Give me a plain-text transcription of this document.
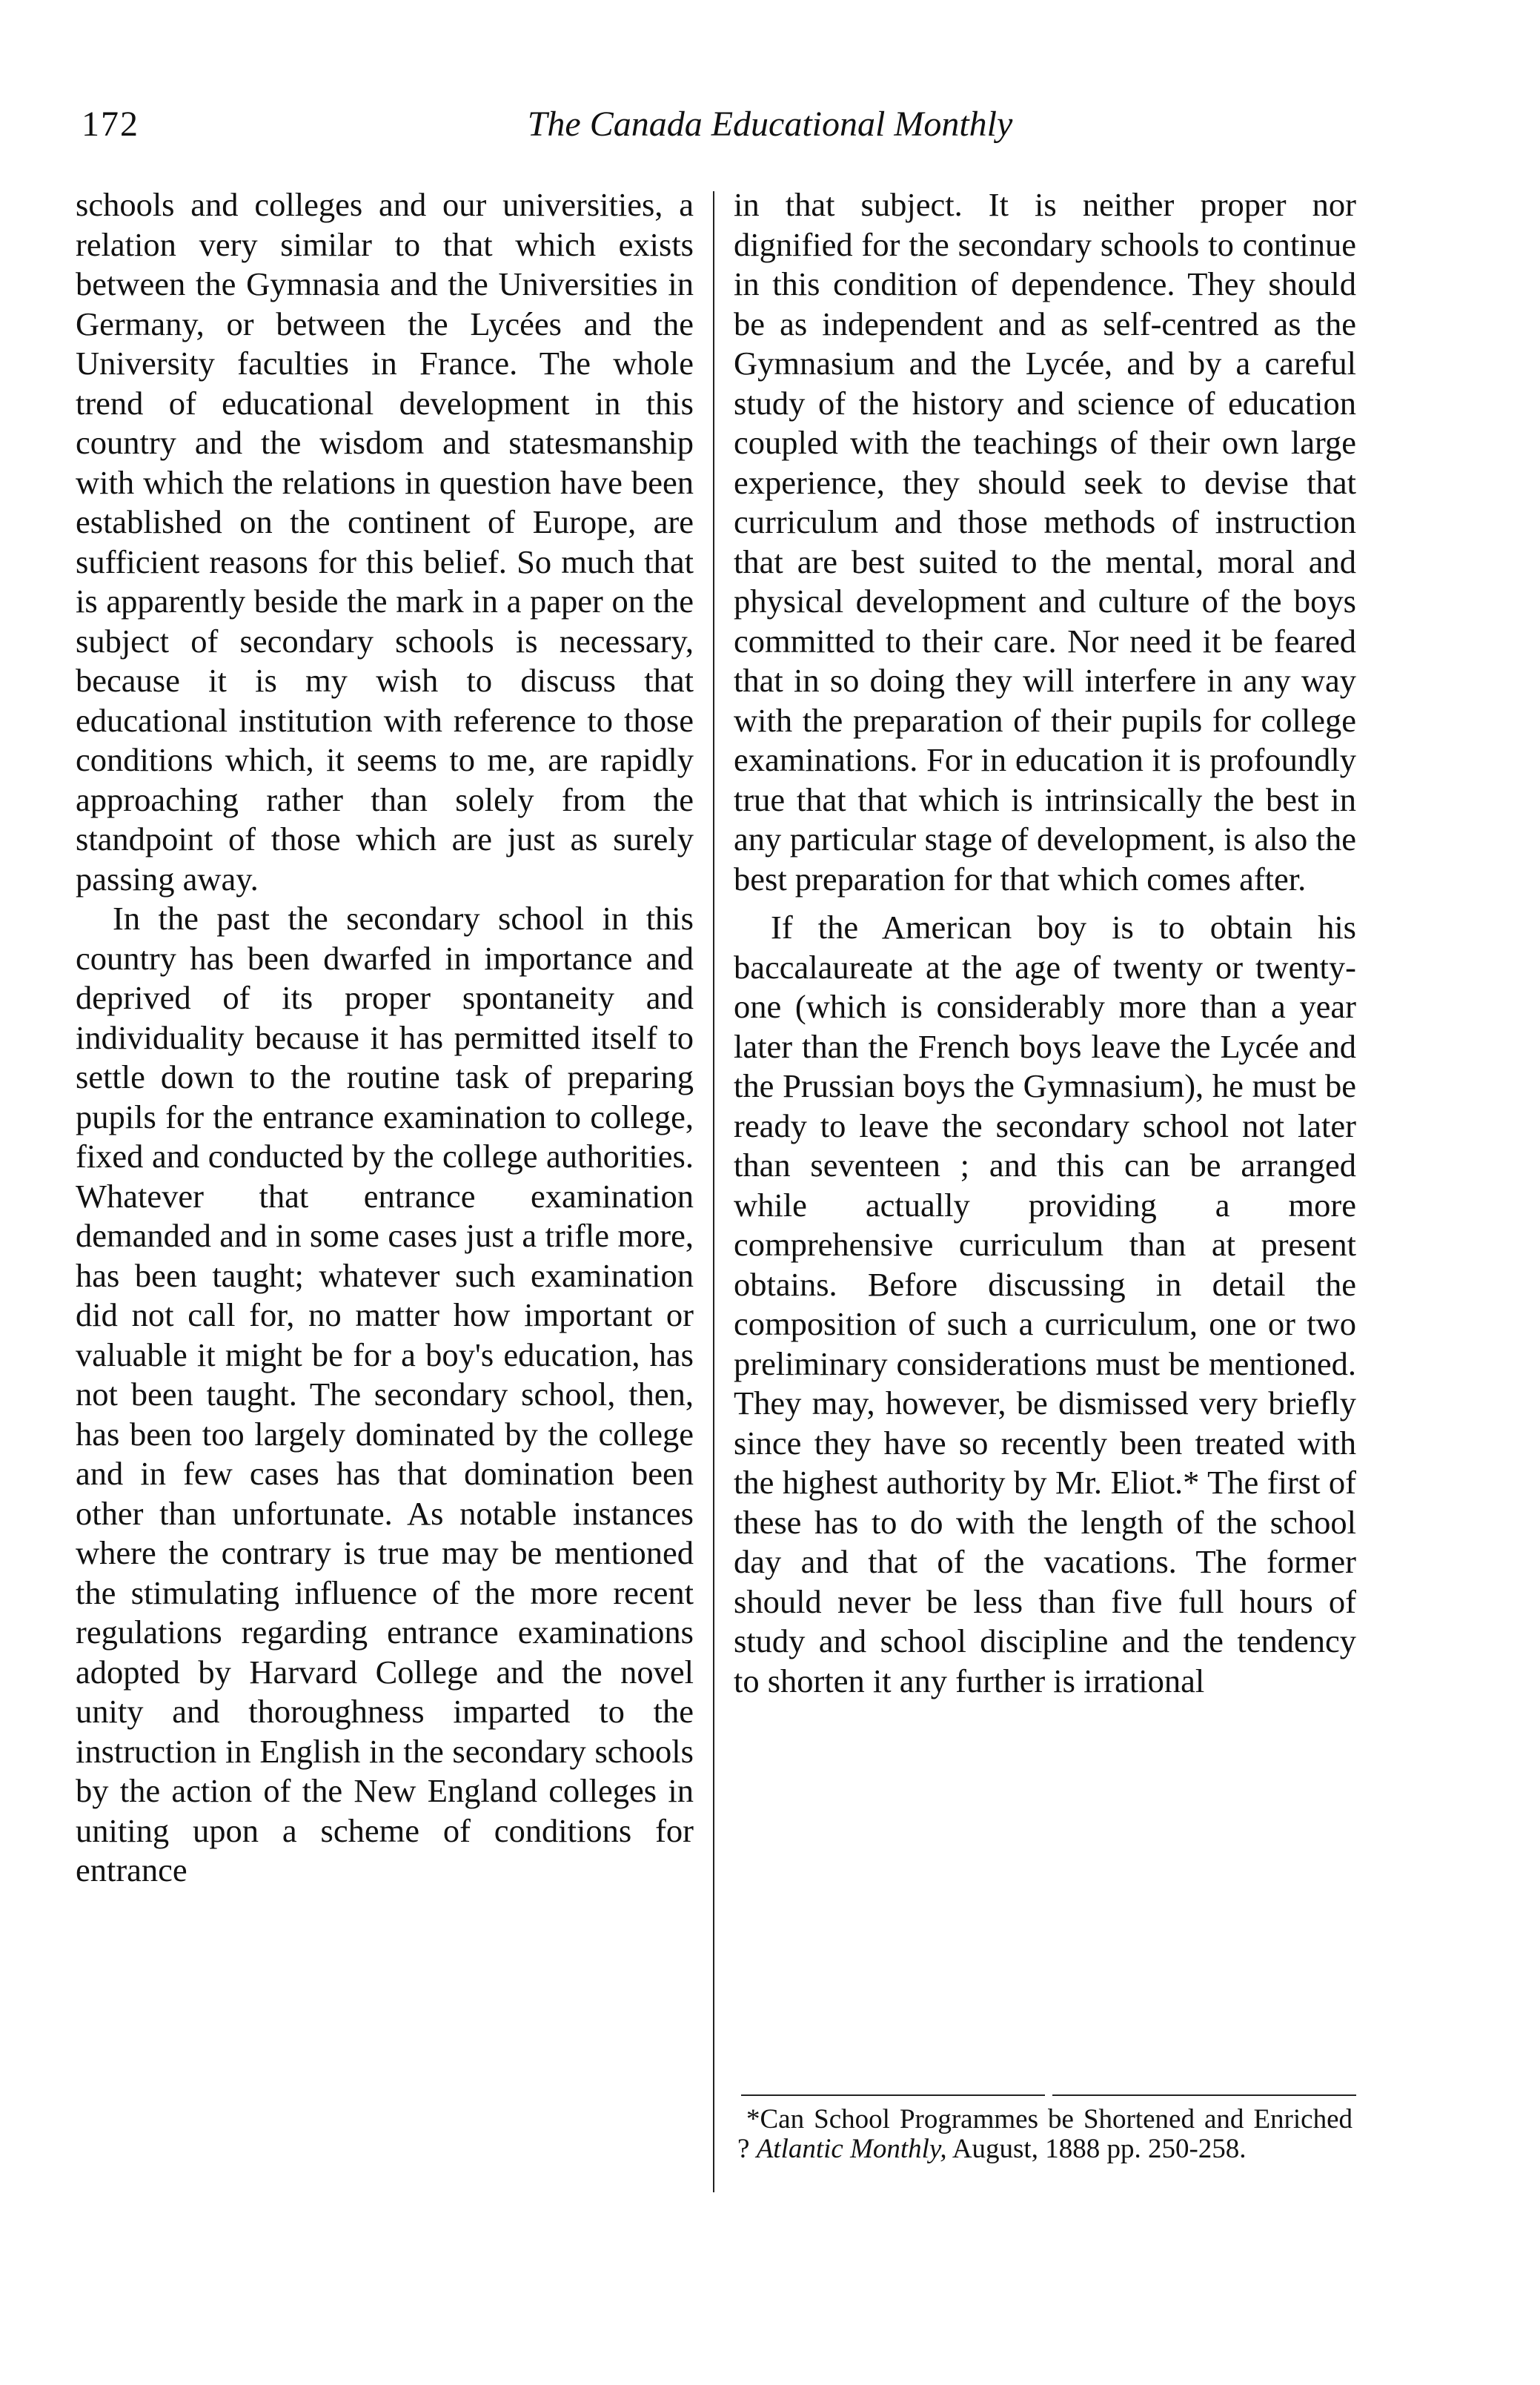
172	The Canada Educational Monthly

schools and colleges and our universities, a relation very similar to that which exists between the Gymnasia and the Universities in Germany, or between the Lycées and the University faculties in France. The whole trend of educational development in this country and the wisdom and statesmanship with which the relations in question have been established on the continent of Europe, are sufficient reasons for this belief. So much that is apparently beside the mark in a paper on the subject of secondary schools is necessary, because it is my wish to discuss that educational institution with reference to those conditions which, it seems to me, are rapidly approaching rather than solely from the standpoint of those which are just as surely passing away.

In the past the secondary school in this country has been dwarfed in importance and deprived of its proper spontaneity and individuality because it has permitted itself to settle down to the routine task of preparing pupils for the entrance examination to college, fixed and conducted by the college authorities. Whatever that entrance examination demanded and in some cases just a trifle more, has been taught; whatever such examination did not call for, no matter how important or valuable it might be for a boy's education, has not been taught. The secondary school, then, has been too largely dominated by the college and in few cases has that domination been other than unfortunate. As notable instances where the contrary is true may be mentioned the stimulating influence of the more recent regulations regarding entrance examinations adopted by Harvard College and the novel unity and thoroughness imparted to the instruction in English in the secondary schools by the action of the New England colleges in uniting upon a scheme of conditions for entrance

in that subject. It is neither proper nor dignified for the secondary schools to continue in this condition of dependence. They should be as independent and as self-centred as the Gymnasium and the Lycée, and by a careful study of the history and science of education coupled with the teachings of their own large experience, they should seek to devise that curriculum and those methods of instruction that are best suited to the mental, moral and physical development and culture of the boys committed to their care. Nor need it be feared that in so doing they will interfere in any way with the preparation of their pupils for college examinations. For in education it is profoundly true that that which is intrinsically the best in any particular stage of development, is also the best preparation for that which comes after.

If the American boy is to obtain his baccalaureate at the age of twenty or twenty-one (which is considerably more than a year later than the French boys leave the Lycée and the Prussian boys the Gymnasium), he must be ready to leave the secondary school not later than seventeen ; and this can be arranged while actually providing a more comprehensive curriculum than at present obtains. Before discussing in detail the composition of such a curriculum, one or two preliminary considerations must be mentioned. They may, however, be dismissed very briefly since they have so recently been treated with the highest authority by Mr. Eliot.* The first of these has to do with the length of the school day and that of the vacations. The former should never be less than five full hours of study and school discipline and the tendency to shorten it any further is irrational

*Can School Programmes be Shortened and Enriched ? Atlantic Monthly, August, 1888 pp. 250-258.
